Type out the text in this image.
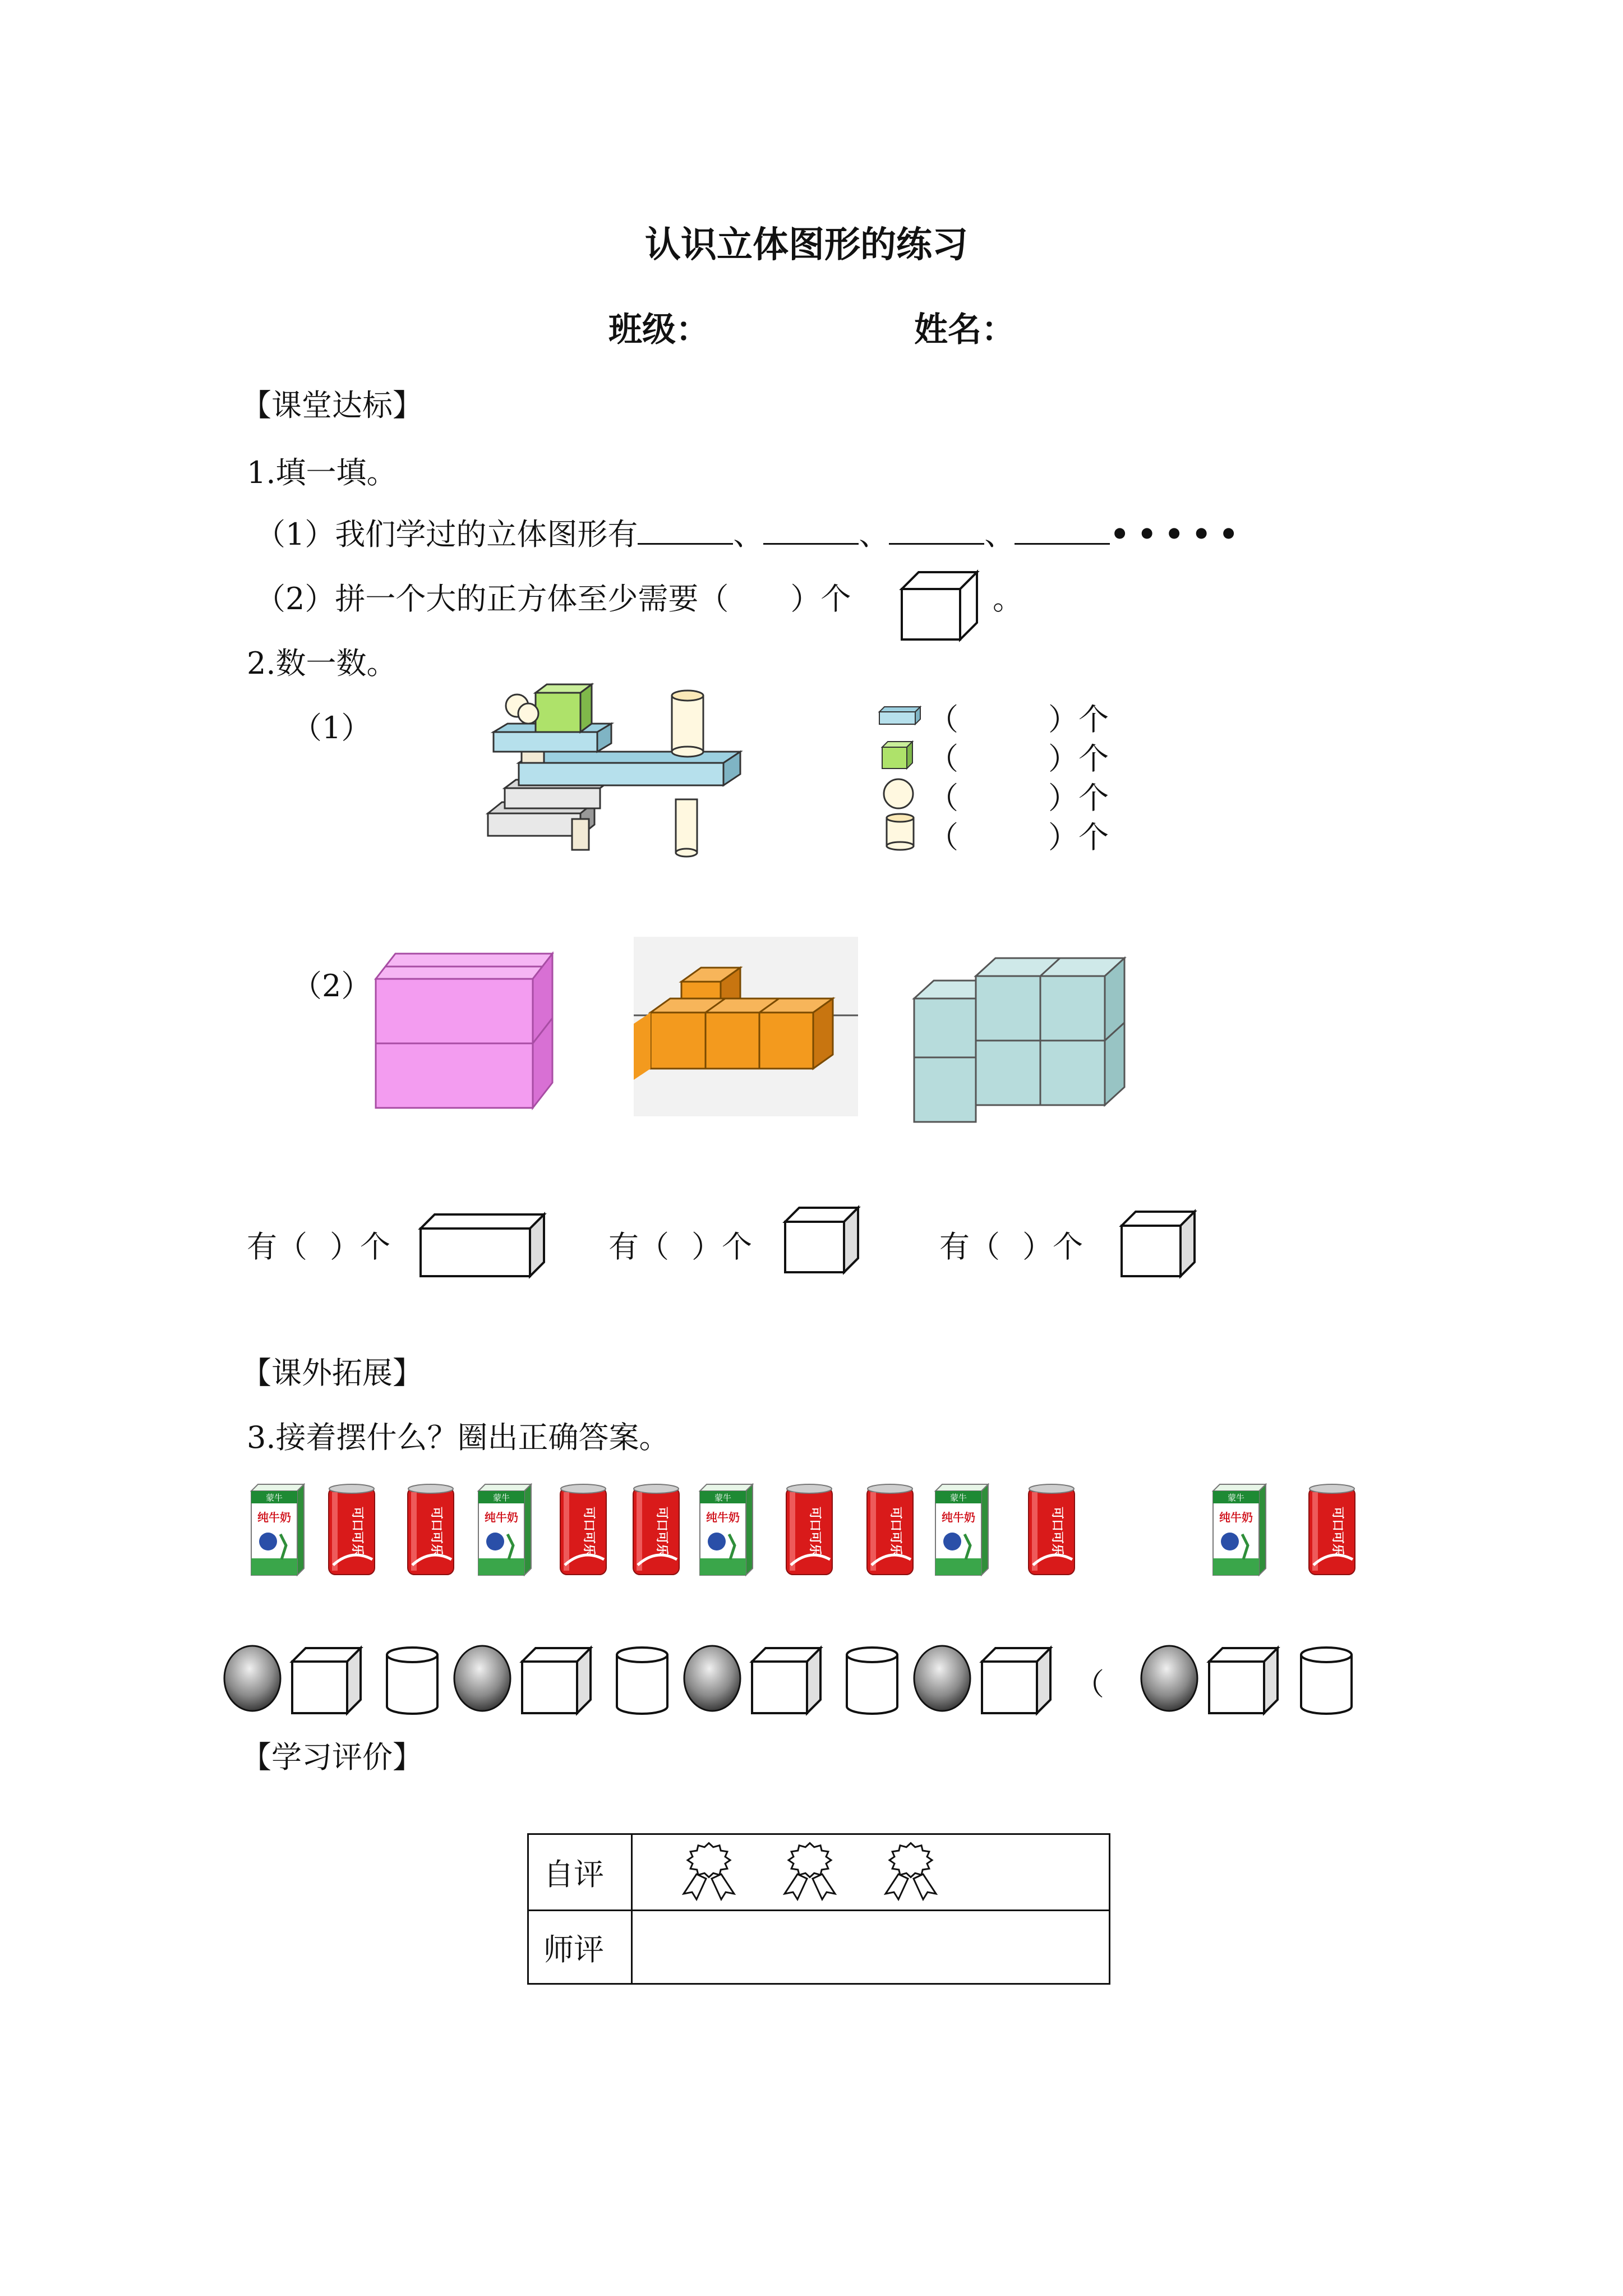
认识立体图形的练习
班级：	姓名：
【课堂达标】
1.填一填。
（1）我们学过的立体图形有	、	、	、	•••••
（2）拼一个大的正方体至少需要（ ）个	。
2.数一数。
（1）	（	）个
（	）个
（	）个
（	）个
（2）
有（ ）个	有（ ）个	有（ ）个
【课外拓展】
3.接着摆什么？圈出正确答案。
蒙牛
纯牛奶	可口可乐	可口可乐
蒙牛
纯牛奶	可口可乐	可口可乐
蒙牛
纯牛奶	可口可乐	可口可乐
蒙牛
纯牛奶	可口可乐
蒙牛
纯牛奶	可口可乐
（
【学习评价】
自评	
师评	
